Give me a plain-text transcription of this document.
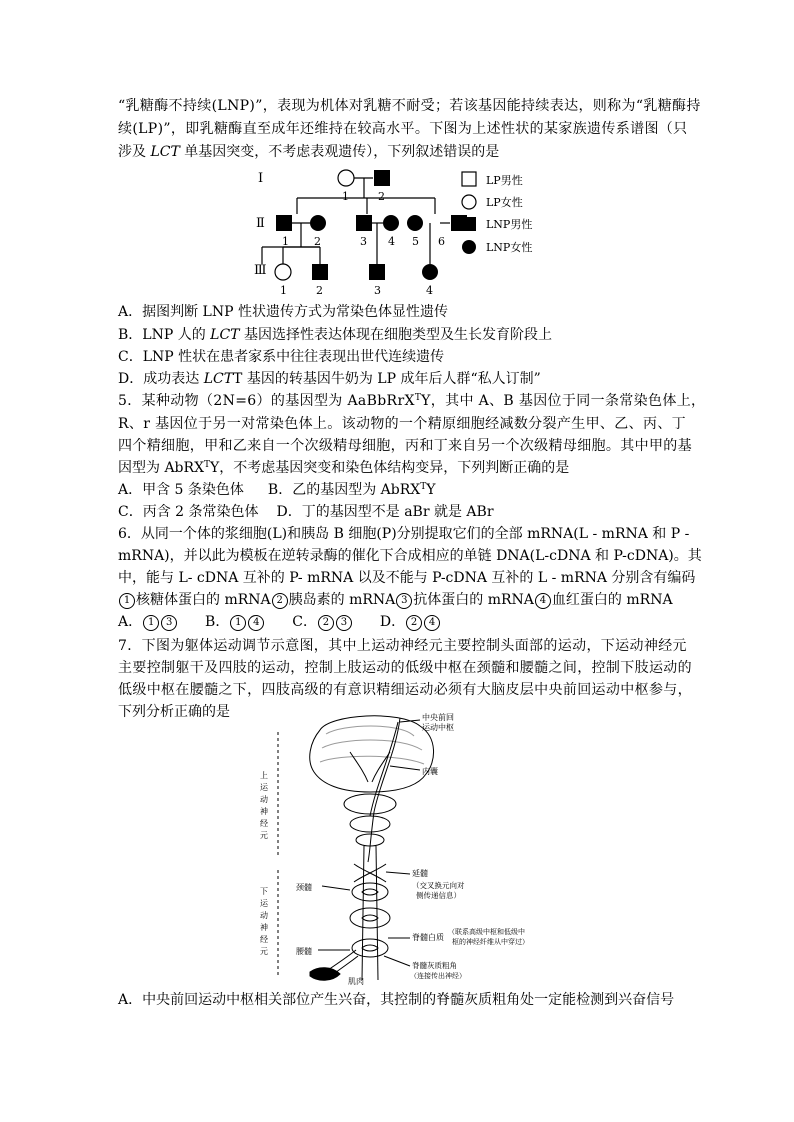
“乳糖酶不持续(LNP)”，表现为机体对乳糖不耐受；若该基因能持续表达，则称为“乳糖酶持
续(LP)”，即乳糖酶直至成年还维持在较高水平。下图为上述性状的某家族遗传系谱图（只
涉及 LCT 单基因突变，不考虑表观遗传），下列叙述错误的是
Ⅰ
1	2
Ⅱ
1 2	3 4 5 6
Ⅲ
1	2	3	4
LP男性
LP女性
LNP男性
LNP女性
A．据图判断 LNP 性状遗传方式为常染色体显性遗传
B．LNP 人的 LCT 基因选择性表达体现在细胞类型及生长发育阶段上
C．LNP 性状在患者家系中往往表现出世代连续遗传
D．成功表达 LCTT 基因的转基因牛奶为 LP 成年后人群“私人订制”
5．某种动物（2N=6）的基因型为 AaBbRrX$^T$Y，其中 A、B 基因位于同一条常染色体上，
R、r 基因位于另一对常染色体上。该动物的一个精原细胞经减数分裂产生甲、乙、丙、丁
四个精细胞，甲和乙来自一个次级精母细胞，丙和丁来自另一个次级精母细胞。其中甲的基
因型为 AbRX$^T$Y，不考虑基因突变和染色体结构变异，下列判断正确的是
A．甲含 5 条染色体 B．乙的基因型为 AbRX$^T$Y
C．丙含 2 条常染色体 D．丁的基因型不是 aBr 就是 ABr
6．从同一个体的浆细胞(L)和胰岛 B 细胞(P)分别提取它们的全部 mRNA(L - mRNA 和 P -
mRNA)，并以此为模板在逆转录酶的催化下合成相应的单链 DNA(L-cDNA 和 P-cDNA)。其
中，能与 L- cDNA 互补的 P- mRNA 以及不能与 P-cDNA 互补的 L - mRNA 分别含有编码
1 核糖体蛋白的 mRNA 2 胰岛素的 mRNA 3 抗体蛋白的 mRNA 4 血红蛋白的 mRNA
A． 1 3 B． 1 4 C． 2 3 D． 2 4
7．下图为躯体运动调节示意图，其中上运动神经元主要控制头面部的运动，下运动神经元
主要控制躯干及四肢的运动，控制上肢运动的低级中枢在颈髓和腰髓之间，控制下肢运动的
低级中枢在腰髓之下，四肢高级的有意识精细运动必须有大脑皮层中央前回运动中枢参与，
下列分析正确的是	中央前回
运动中枢
内囊
上
运
动
神
经
元
下
运
动
神
经
元
颈髓
腰髓
延髓
（交叉换元向对
侧传递信息）
脊髓白质
（联系高级中枢和低级中
枢的神经纤维从中穿过）
脊髓灰质粗角
（连接传出神经）
肌肉
A．中央前回运动中枢相关部位产生兴奋，其控制的脊髓灰质粗角处一定能检测到兴奋信号
